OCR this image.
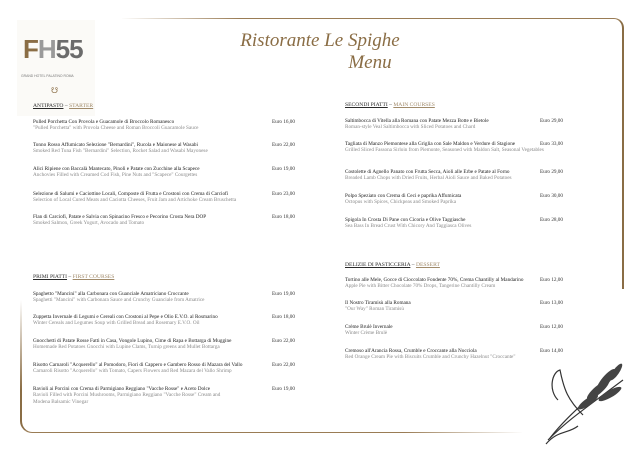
FH55
GRAND HOTEL PALATINO ROMA
☋
Ristorante Le Spighe
Menu
ANTIPASTO – STARTER
Pulled Porchetta Con Provola e Guacamole di Broccolo Romanesco
"Pulled Porchetta" with Provola Cheese and Roman Broccoli Guacamole Sauce
Euro 16,00
Tonno Rosso Affumicato Selezione "Bernardini", Rucola e Maionese al Wasabi
Smoked Red Tuna Fish "Bernardini" Selection, Rocket Salad and Wasabi Mayonese
Euro 22,00
Alici Ripiene con Baccalà Mantecato, Pinoli e Patate con Zucchine alla Scapece
Anchovies Filled with Creamed Cod Fish, Pine Nuts and "Scapece" Courgettes
Euro 19,00
Selezione di Salumi e Caciottine Locali, Composte di Frutta e Crostoni con Crema di Carciofi
Selection of Local Cured Meats and Caciotta Cheeses, Fruit Jam and Artichoke Cream Bruschetta
Euro 23,00
Flan di Carciofi, Patate e Salvia con Spinacino Fresco e Pecorino Crosta Nera DOP
Smoked Salmon, Greek Yogurt, Avocado and Tomato
Euro 18,00
PRIMI PIATTI – FIRST COURSES
Spaghetto "Mancini" alla Carbonara con Guanciale Amatriciano Croccante
Spaghetti "Mancini" with Carbonara Sauce and Crunchy Guanciale from Amatrice
Euro 19,00
Zuppetta Invernale di Legumi e Cereali con Crostoni al Pepe e Olio E.V.O. al Rosmarino
Winter Cereals and Legumes Soup with Grilled Bread and Rosemary E.V.O. Oil
Euro 18,00
Gnocchetti di Patate Rosse Fatti in Casa, Vongole Lupino, Cime di Rapa e Bottarga di Muggine
Homemade Red Potatoes Gnocchi with Lupine Clams, Turnip greens and Mullet Bottarga
Euro 22,00
Risotto Carnaroli "Acquerello" al Pomodoro, Fiori di Cappero e Gambero Rosso di Mazara del Vallo
Carnaroli Risotto "Acquerello" with Tomato, Capers Flowers and Red Mazara del Vallo Shrimp
Euro 22,00
Ravioli ai Porcini con Crema di Parmigiano Reggiano "Vacche Rosse" e Aceto Dolce
Ravioli Filled with Porcini Mushrooms, Parmigiano Reggiano "Vacche Rosse" Cream and Modena Balsamic Vinegar
Euro 19,00
SECONDI PIATTI – MAIN COURSES
Saltimbocca di Vitella alla Romana con Patate Mezza Botte e Bietole
Roman-style Veal Saltimbocca with Sliced Potatoes and Chard
Euro 29,00
Tagliata di Manzo Piemontese alla Griglia con Sale Maldon e Verdure di Stagione
Grilled Sliced Fassona Sirloin from Piemonte, Seasoned with Maldon Salt, Seasonal Vegetables
Euro 33,00
Costolette di Agnello Panato con Frutta Secca, Aioli alle Erbe e Patate al Forno
Breaded Lamb Chops with Dried Fruits, Herbal Aioli Sauce and Baked Potatoes
Euro 29,00
Polpo Speziato con Crema di Ceci e paprika Affumicata
Octopus with Spices, Chickpeas and Smoked Paprika
Euro 30,00
Spigola In Crosta Di Pane con Cicoria e Olive Taggiasche
Sea Bass In Bread Crust With Chicory And Taggiasca Olives
Euro 28,00
DELIZIE DI PASTICCERIA – DESSERT
Tortino alle Mele, Gocce di Cioccolato Fondente 70%, Crema Chantilly al Mandarino
Apple Pie with Bitter Chocolate 70% Drops, Tangerine Chantilly Cream
Euro 12,00
Il Nostro Tiramisù alla Romana
"Our Way" Roman Tiramisù
Euro 13,00
Crème Brulè Invernale
Winter Crème Brulè
Euro 12,00
Cremoso all'Arancia Rossa, Crumble e Croccante alla Nocciola
Red Orange Cream Pie with Biscuits Crumble and Crunchy Hazelnut "Croccante"
Euro 14,00
